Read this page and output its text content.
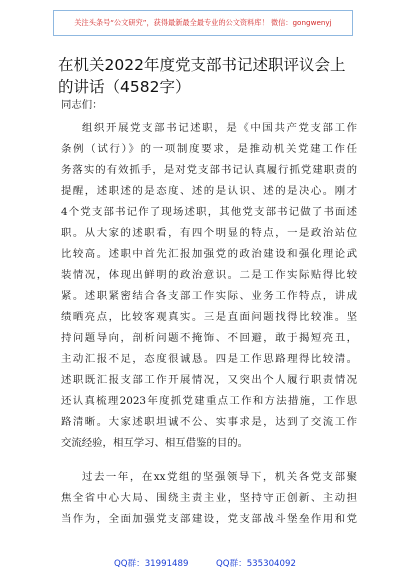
关注头条号“公文研究”，获得最新最全最专业的公文资料库！ 微信：gongwenyj
在机关2022年度党支部书记述职评议会上
的讲话（4582字）
同志们：
组织开展党支部书记述职，是《中国共产党支部工作
条例（试行）》的一项制度要求，是推动机关党建工作任
务落实的有效抓手，是对党支部书记认真履行抓党建职责的
提醒，述职述的是态度、述的是认识、述的是决心。刚才
4个党支部书记作了现场述职，其他党支部书记做了书面述
职。从大家的述职看，有四个明显的特点，一是政治站位
比较高。述职中首先汇报加强党的政治建设和强化理论武
装情况，体现出鲜明的政治意识。二是工作实际贴得比较
紧。述职紧密结合各支部工作实际、业务工作特点，讲成
绩晒亮点，比较客观真实。三是直面问题找得比较准。坚
持问题导向，剖析问题不掩饰、不回避，敢于揭短亮丑，
主动汇报不足，态度很诚恳。四是工作思路理得比较清。
述职既汇报支部工作开展情况，又突出个人履行职责情况
还认真梳理2023年度抓党建重点工作和方法措施，工作思
路清晰。大家述职坦诚不公、实事求是，达到了交流工作
交流经验，相互学习、相互借鉴的目的。
过去一年，在xx党组的坚强领导下，机关各党支部聚
焦全省中心大局、围绕主责主业，坚持守正创新、主动担
当作为，全面加强党支部建设，党支部战斗堡垒作用和党
QQ群：31991489	QQ群：535304092
